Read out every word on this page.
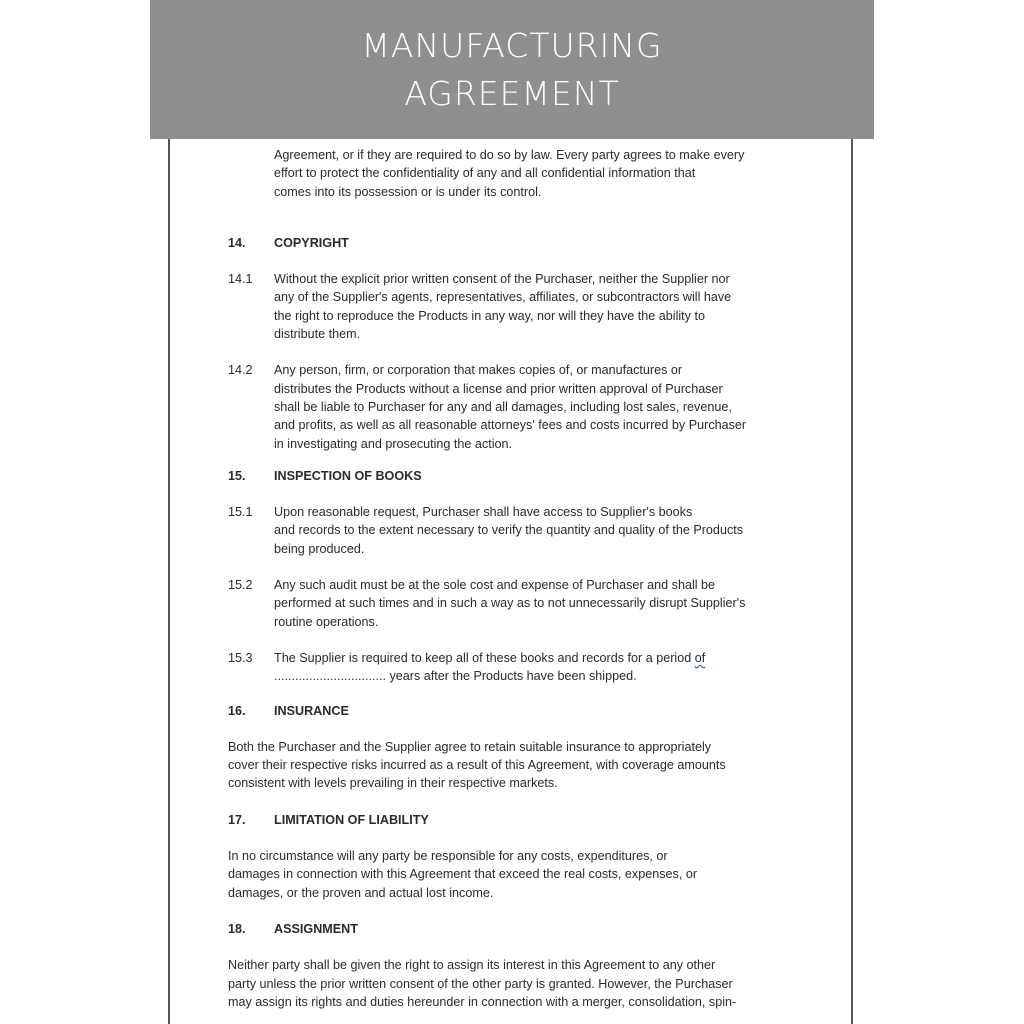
MANUFACTURING
AGREEMENT
Agreement, or if they are required to do so by law. Every party agrees to make every
effort to protect the confidentiality of any and all confidential information that
comes into its possession or is under its control.
14.	COPYRIGHT
14.1	Without the explicit prior written consent of the Purchaser, neither the Supplier nor
any of the Supplier's agents, representatives, affiliates, or subcontractors will have
the right to reproduce the Products in any way, nor will they have the ability to
distribute them.
14.2	Any person, firm, or corporation that makes copies of, or manufactures or
distributes the Products without a license and prior written approval of Purchaser
shall be liable to Purchaser for any and all damages, including lost sales, revenue,
and profits, as well as all reasonable attorneys' fees and costs incurred by Purchaser
in investigating and prosecuting the action.
15.	INSPECTION OF BOOKS
15.1	Upon reasonable request, Purchaser shall have access to Supplier's books
and records to the extent necessary to verify the quantity and quality of the Products
being produced.
15.2	Any such audit must be at the sole cost and expense of Purchaser and shall be
performed at such times and in such a way as to not unnecessarily disrupt Supplier's
routine operations.
15.3	The Supplier is required to keep all of these books and records for a period of
................................ years after the Products have been shipped.
16.	INSURANCE
Both the Purchaser and the Supplier agree to retain suitable insurance to appropriately
cover their respective risks incurred as a result of this Agreement, with coverage amounts
consistent with levels prevailing in their respective markets.
17.	LIMITATION OF LIABILITY
In no circumstance will any party be responsible for any costs, expenditures, or
damages in connection with this Agreement that exceed the real costs, expenses, or
damages, or the proven and actual lost income.
18.	ASSIGNMENT
Neither party shall be given the right to assign its interest in this Agreement to any other
party unless the prior written consent of the other party is granted. However, the Purchaser
may assign its rights and duties hereunder in connection with a merger, consolidation, spin-
